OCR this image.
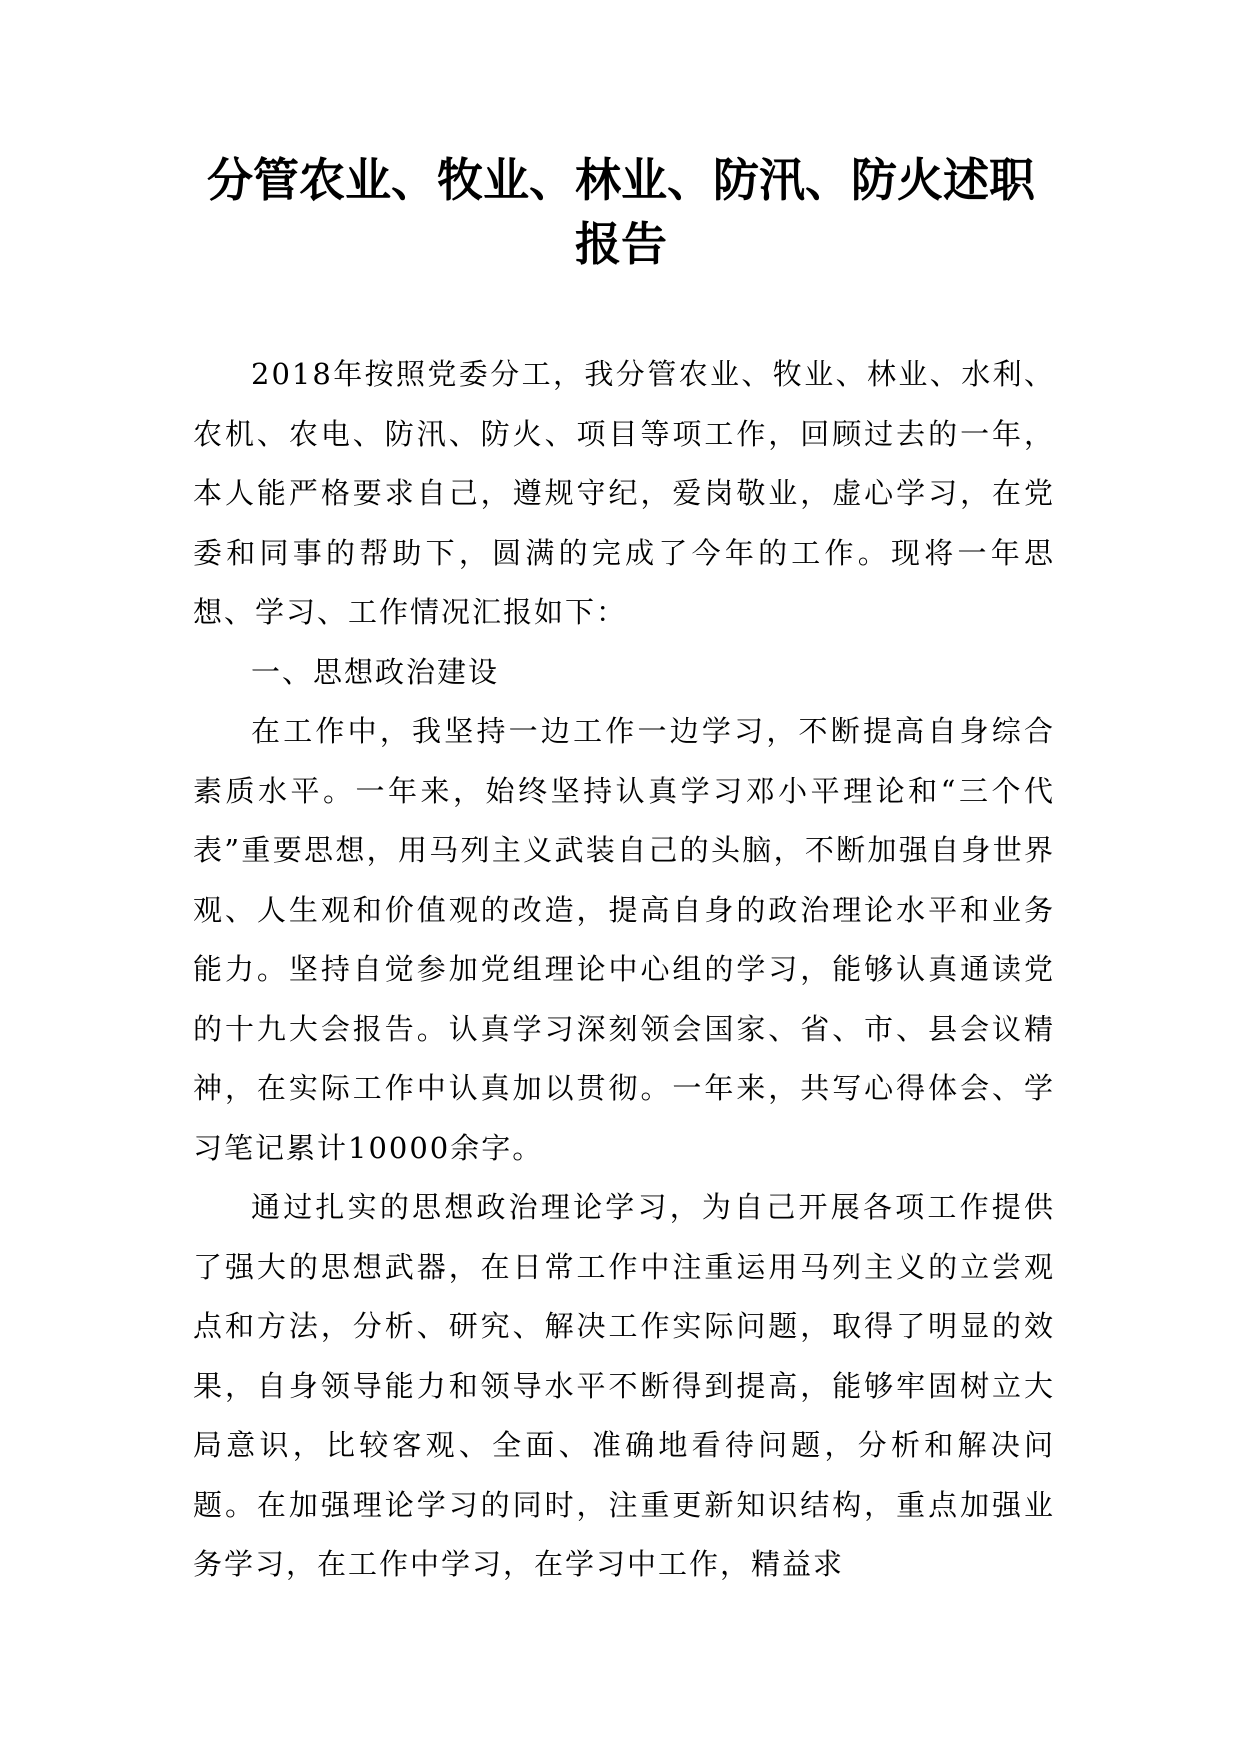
分管农业、牧业、林业、防汛、防火述职报告

2018年按照党委分工，我分管农业、牧业、林业、水利、农机、农电、防汛、防火、项目等项工作，回顾过去的一年，本人能严格要求自己，遵规守纪，爱岗敬业，虚心学习，在党委和同事的帮助下，圆满的完成了今年的工作。现将一年思想、学习、工作情况汇报如下：

一、思想政治建设

在工作中，我坚持一边工作一边学习，不断提高自身综合素质水平。一年来，始终坚持认真学习邓小平理论和“三个代表”重要思想，用马列主义武装自己的头脑，不断加强自身世界观、人生观和价值观的改造，提高自身的政治理论水平和业务能力。坚持自觉参加党组理论中心组的学习，能够认真通读党的十九大会报告。认真学习深刻领会国家、省、市、县会议精神，在实际工作中认真加以贯彻。一年来，共写心得体会、学习笔记累计10000余字。

通过扎实的思想政治理论学习，为自己开展各项工作提供了强大的思想武器，在日常工作中注重运用马列主义的立尝观点和方法，分析、研究、解决工作实际问题，取得了明显的效果，自身领导能力和领导水平不断得到提高，能够牢固树立大局意识，比较客观、全面、准确地看待问题，分析和解决问题。在加强理论学习的同时，注重更新知识结构，重点加强业务学习，在工作中学习，在学习中工作，精益求
